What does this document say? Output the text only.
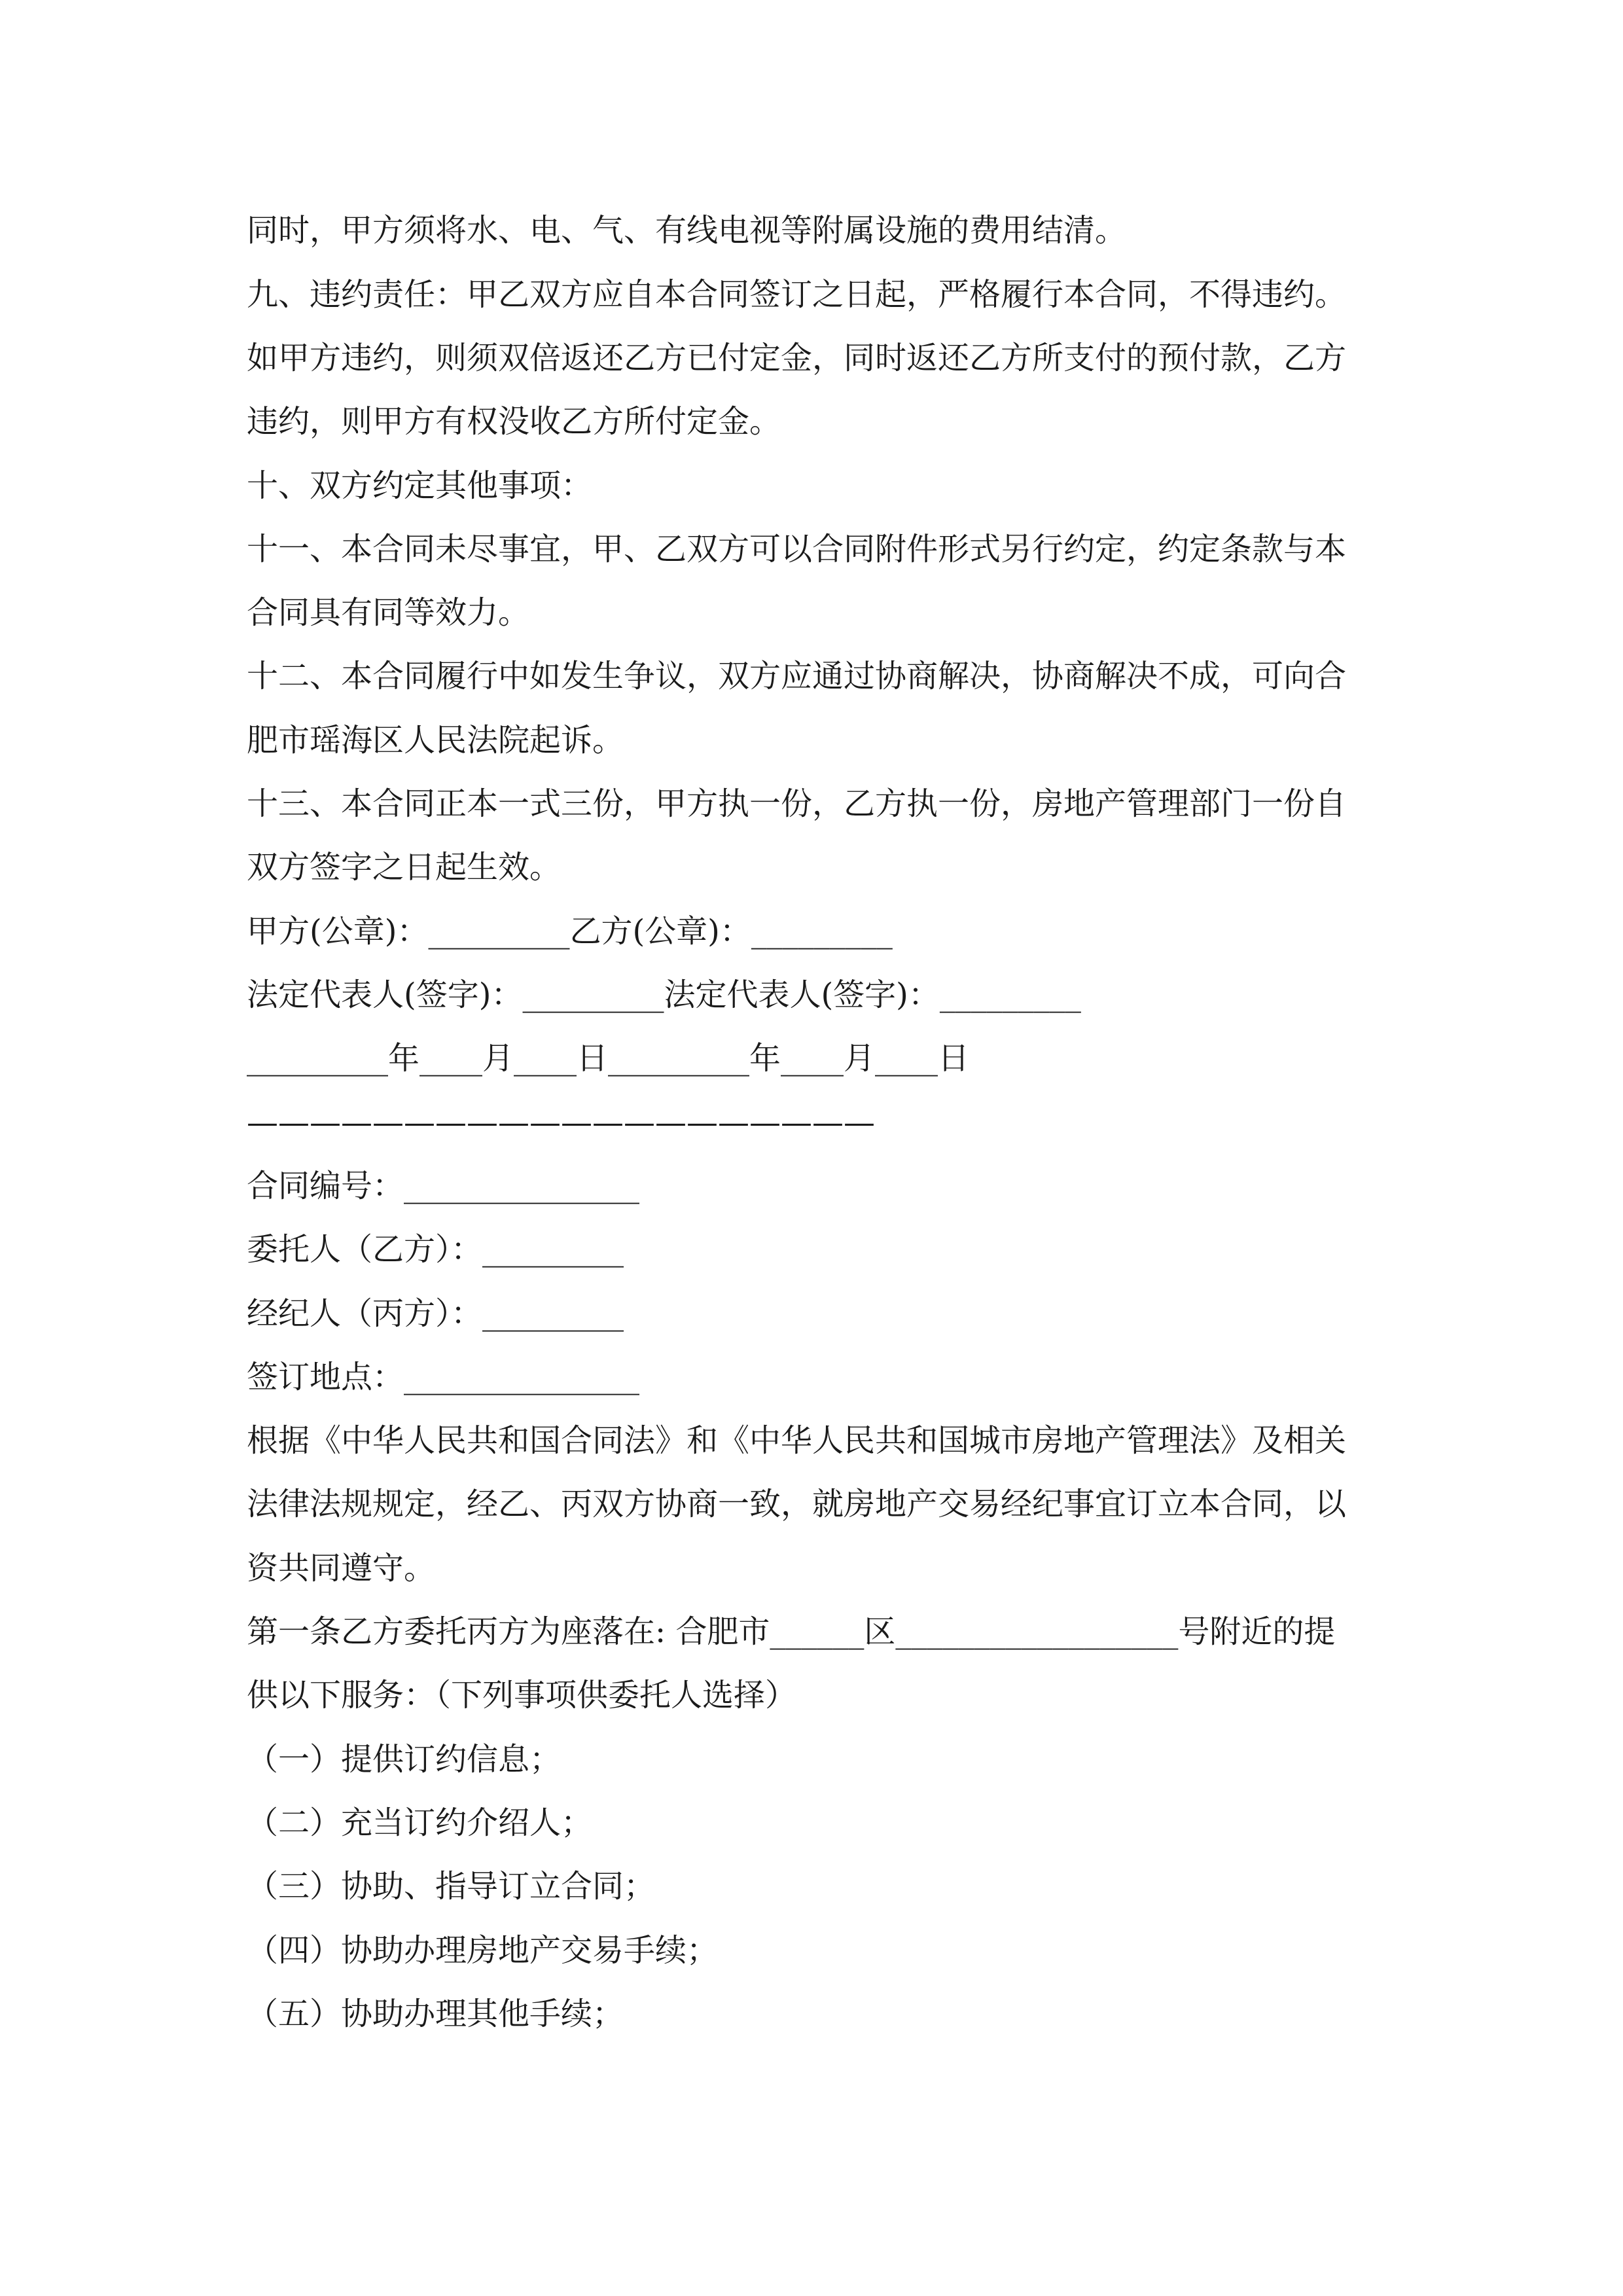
同时，甲方须将水、电、气、有线电视等附属设施的费用结清。
九、违约责任：甲乙双方应自本合同签订之日起，严格履行本合同，不得违约。
如甲方违约，则须双倍返还乙方已付定金，同时返还乙方所支付的预付款，乙方
违约，则甲方有权没收乙方所付定金。
十、双方约定其他事项：
十一、本合同未尽事宜，甲、乙双方可以合同附件形式另行约定，约定条款与本
合同具有同等效力。
十二、本合同履行中如发生争议，双方应通过协商解决，协商解决不成，可向合
肥市瑶海区人民法院起诉。
十三、本合同正本一式三份，甲方执一份，乙方执一份，房地产管理部门一份自
双方签字之日起生效。
甲方(公章)：_________乙方(公章)：_________
法定代表人(签字)：_________法定代表人(签字)：_________
_________年____月____日_________年____月____日
————————————————————
合同编号：_______________
委托人（乙方）：_________
经纪人（丙方）：_________
签订地点：_______________
根据《中华人民共和国合同法》和《中华人民共和国城市房地产管理法》及相关
法律法规规定，经乙、丙双方协商一致，就房地产交易经纪事宜订立本合同，以
资共同遵守。
第一条乙方委托丙方为座落在: 合肥市______区__________________号附近的提
供以下服务：（下列事项供委托人选择）
（一）提供订约信息；
（二）充当订约介绍人；
（三）协助、指导订立合同；
（四）协助办理房地产交易手续；
（五）协助办理其他手续；
